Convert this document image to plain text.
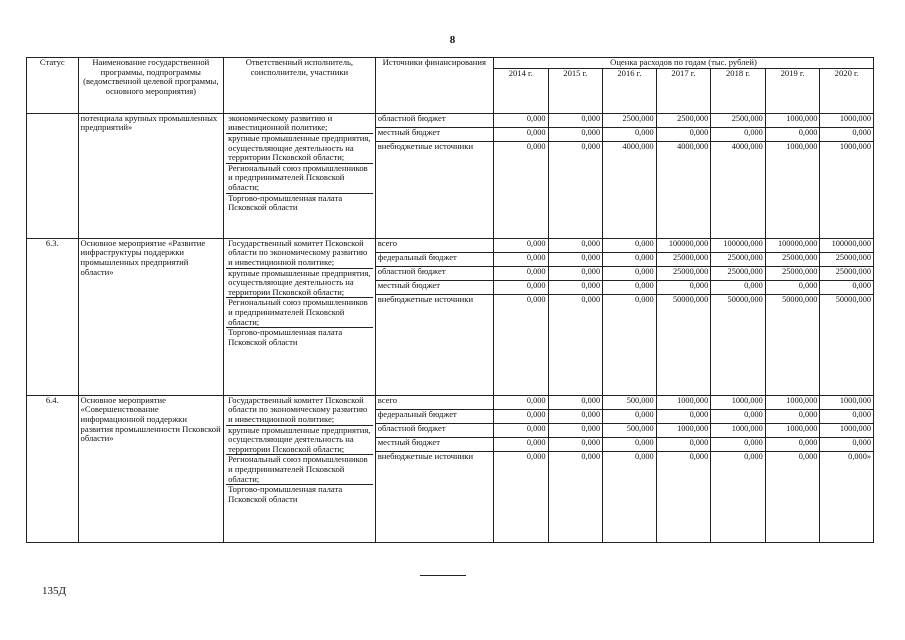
8
Статус	Наименование государственной программы, подпрограммы (ведомственной целевой программы, основного мероприятия)	Ответственный исполнитель, соисполнители, участники	Источники финансирования	Оценка расходов по годам (тыс. рублей)						
				2014 г.	2015 г.	2016 г.	2017 г.	2018 г.	2019 г.	2020 г.
	потенциала крупных промышленных предприятий»	экономическому развитию и инвестиционной политике;
крупные промышленные предприятия, осуществляющие деятельность на территории Псковской области;
Региональный союз промышленников и предпринимателей Псковской области;
Торгово-промышленная палата Псковской области	областной бюджет	0,000	0,000	2500,000	2500,000	2500,000	1000,000	1000,000
			местный бюджет	0,000	0,000	0,000	0,000	0,000	0,000	0,000
			внебюджетные источники	0,000	0,000	4000,000	4000,000	4000,000	1000,000	1000,000
6.3.	Основное мероприятие «Развитие инфраструктуры поддержки промышленных предприятий области»	Государственный комитет Псковской области по экономическому развитию и инвестиционной политике;
крупные промышленные предприятия, осуществляющие деятельность на территории Псковской области;
Региональный союз промышленников и предпринимателей Псковской области;
Торгово-промышленная палата Псковской области	всего	0,000	0,000	0,000	100000,000	100000,000	100000,000	100000,000
			федеральный бюджет	0,000	0,000	0,000	25000,000	25000,000	25000,000	25000,000
			областной бюджет	0,000	0,000	0,000	25000,000	25000,000	25000,000	25000,000
			местный бюджет	0,000	0,000	0,000	0,000	0,000	0,000	0,000
			внебюджетные источники	0,000	0,000	0,000	50000,000	50000,000	50000,000	50000,000
6.4.	Основное мероприятие «Совершенствование информационной поддержки развития промышленности Псковской области»	Государственный комитет Псковской области по экономическому развитию и инвестиционной политике;
крупные промышленные предприятия, осуществляющие деятельность на территории Псковской области;
Региональный союз промышленников и предпринимателей Псковской области;
Торгово-промышленная палата Псковской области	всего	0,000	0,000	500,000	1000,000	1000,000	1000,000	1000,000
			федеральный бюджет	0,000	0,000	0,000	0,000	0,000	0,000	0,000
			областной бюджет	0,000	0,000	500,000	1000,000	1000,000	1000,000	1000,000
			местный бюджет	0,000	0,000	0,000	0,000	0,000	0,000	0,000
			внебюджетные источники	0,000	0,000	0,000	0,000	0,000	0,000	0,000»
135Д
